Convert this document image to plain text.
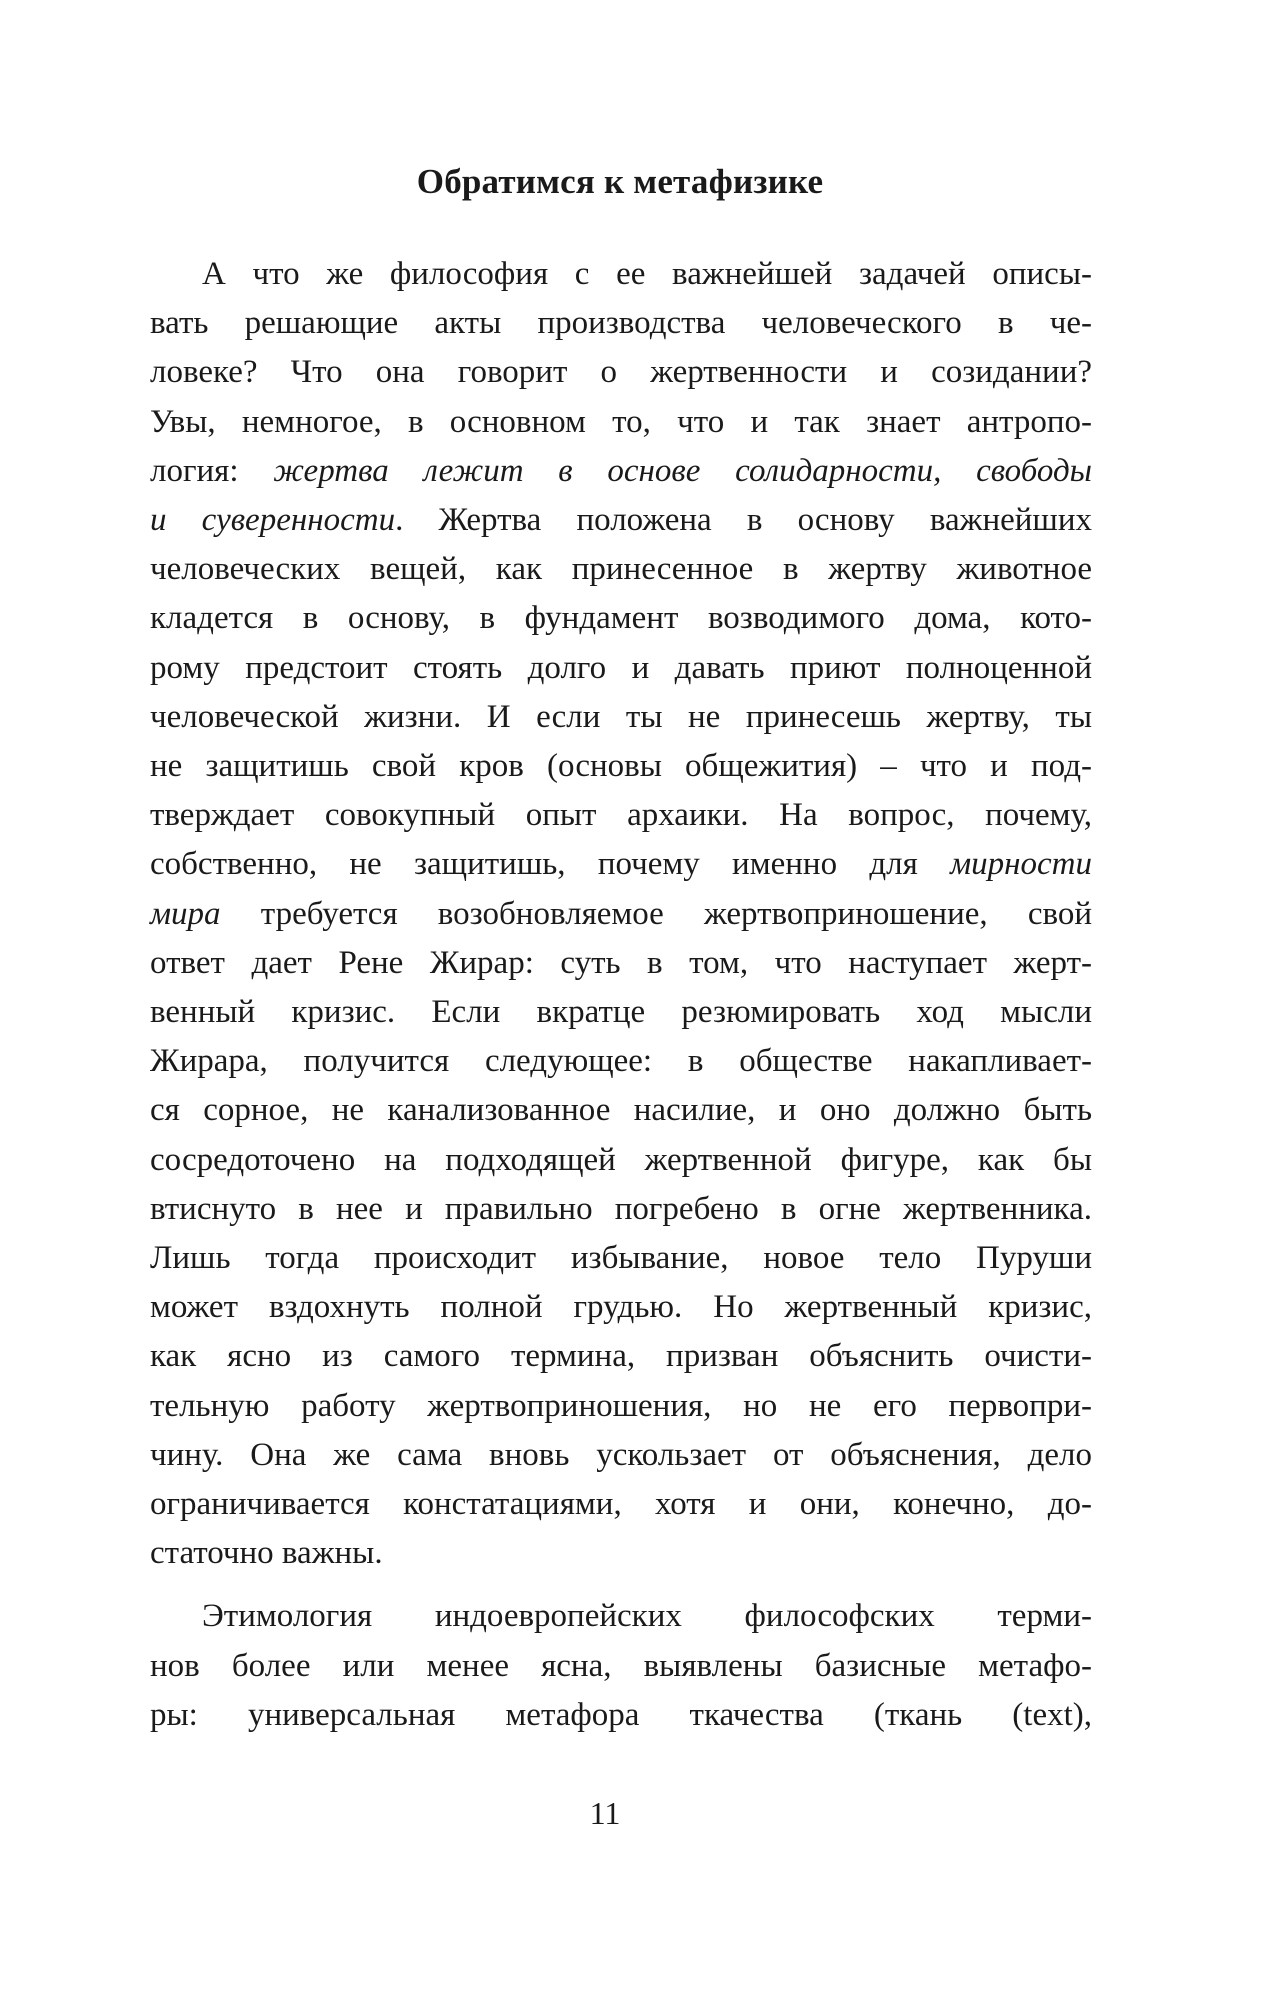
Обратимся к метафизике
А что же философия с ее важнейшей задачей описы-
вать решающие акты производства человеческого в че-
ловеке? Что она говорит о жертвенности и созидании?
Увы, немногое, в основном то, что и так знает антропо-
логия: жертва лежит в основе солидарности, свободы
и суверенности. Жертва положена в основу важнейших
человеческих вещей, как принесенное в жертву животное
кладется в основу, в фундамент возводимого дома, кото-
рому предстоит стоять долго и давать приют полноценной
человеческой жизни. И если ты не принесешь жертву, ты
не защитишь свой кров (основы общежития) – что и под-
тверждает совокупный опыт архаики. На вопрос, почему,
собственно, не защитишь, почему именно для мирности
мира требуется возобновляемое жертвоприношение, свой
ответ дает Рене Жирар: суть в том, что наступает жерт-
венный кризис. Если вкратце резюмировать ход мысли
Жирара, получится следующее: в обществе накапливает-
ся сорное, не канализованное насилие, и оно должно быть
сосредоточено на подходящей жертвенной фигуре, как бы
втиснуто в нее и правильно погребено в огне жертвенника.
Лишь тогда происходит избывание, новое тело Пуруши
может вздохнуть полной грудью. Но жертвенный кризис,
как ясно из самого термина, призван объяснить очисти-
тельную работу жертвоприношения, но не его первопри-
чину. Она же сама вновь ускользает от объяснения, дело
ограничивается констатациями, хотя и они, конечно, до-
статочно важны.
Этимология индоевропейских философских терми-
нов более или менее ясна, выявлены базисные метафо-
ры: универсальная метафора ткачества (ткань (text),
11
